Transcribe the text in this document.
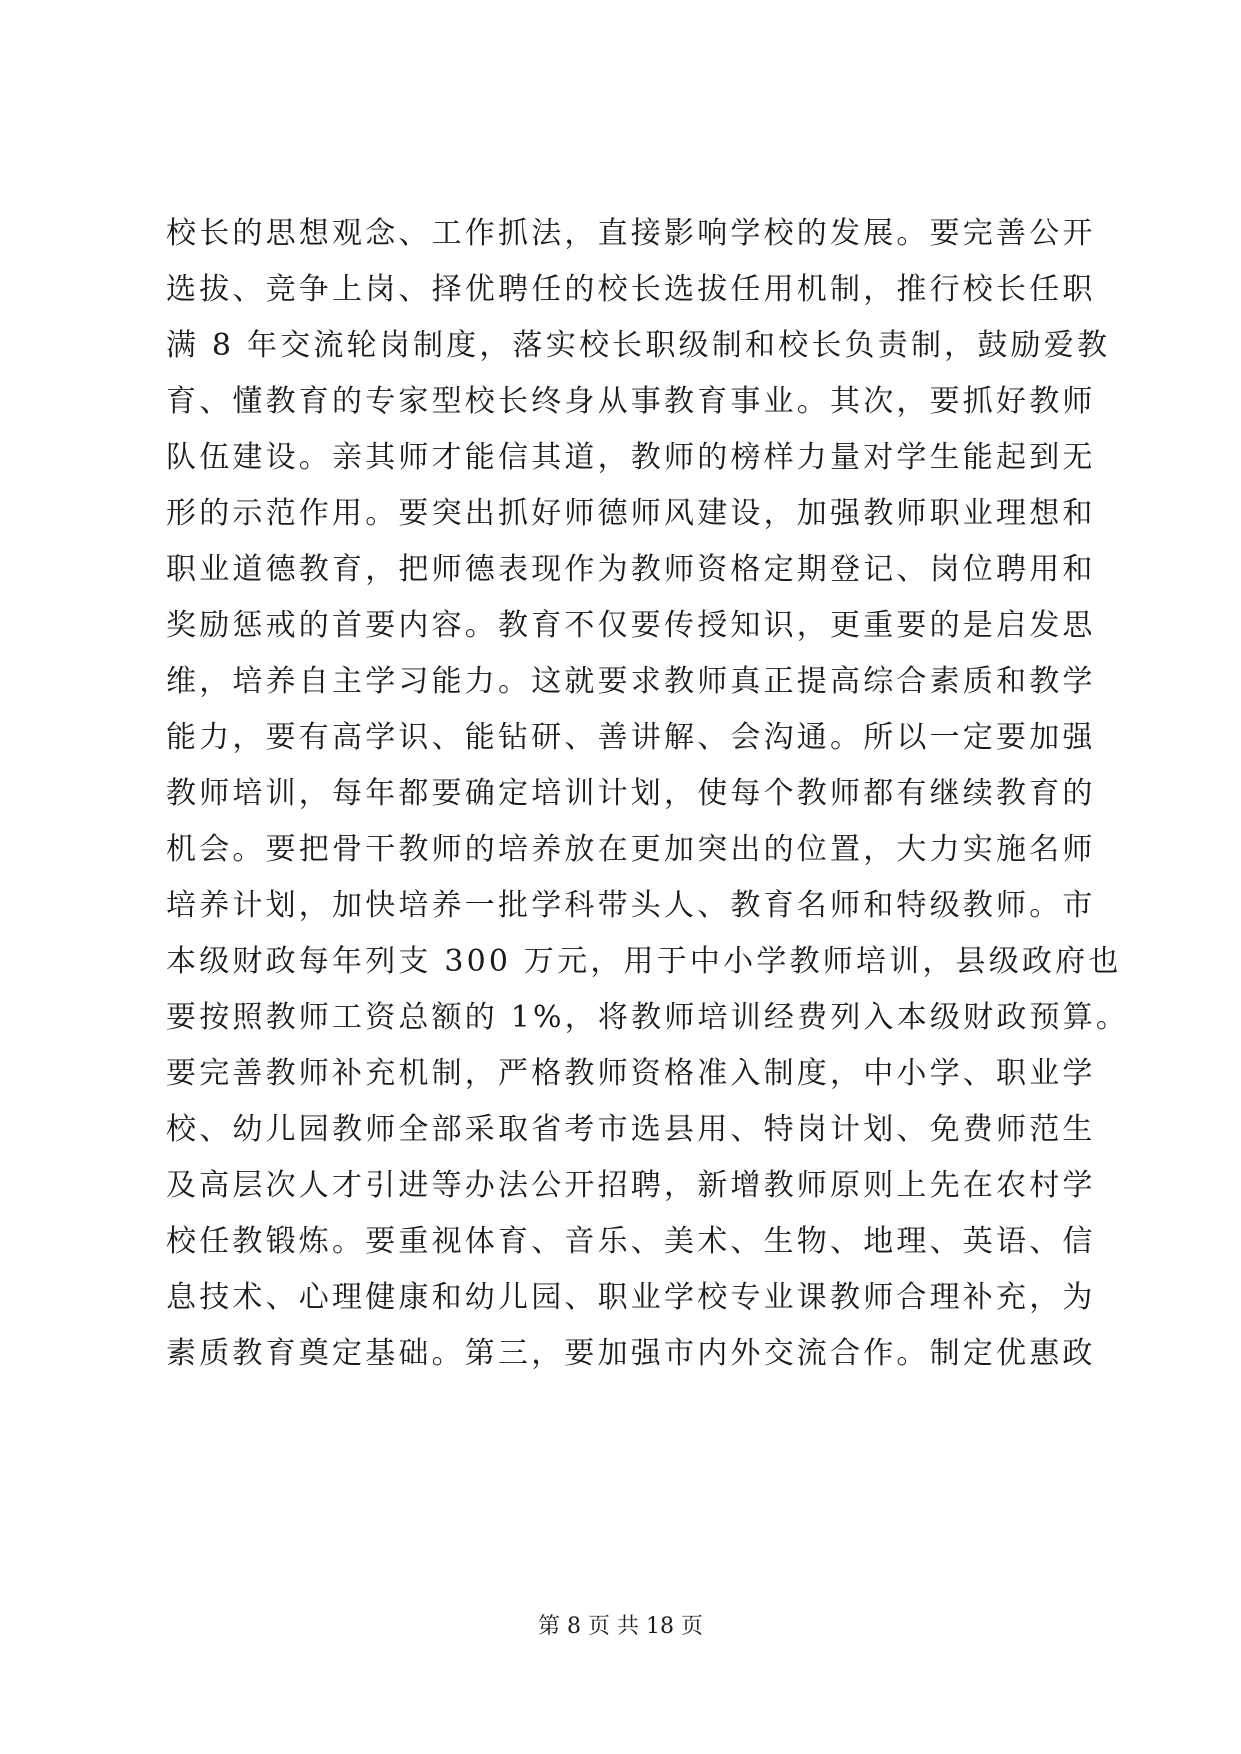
校长的思想观念、工作抓法，直接影响学校的发展。要完善公开
选拔、竞争上岗、择优聘任的校长选拔任用机制，推行校长任职
满 8 年交流轮岗制度，落实校长职级制和校长负责制，鼓励爱教
育、懂教育的专家型校长终身从事教育事业。其次，要抓好教师
队伍建设。亲其师才能信其道，教师的榜样力量对学生能起到无
形的示范作用。要突出抓好师德师风建设，加强教师职业理想和
职业道德教育，把师德表现作为教师资格定期登记、岗位聘用和
奖励惩戒的首要内容。教育不仅要传授知识，更重要的是启发思
维，培养自主学习能力。这就要求教师真正提高综合素质和教学
能力，要有高学识、能钻研、善讲解、会沟通。所以一定要加强
教师培训，每年都要确定培训计划，使每个教师都有继续教育的
机会。要把骨干教师的培养放在更加突出的位置，大力实施名师
培养计划，加快培养一批学科带头人、教育名师和特级教师。市
本级财政每年列支 300 万元，用于中小学教师培训，县级政府也
要按照教师工资总额的 1%，将教师培训经费列入本级财政预算。
要完善教师补充机制，严格教师资格准入制度，中小学、职业学
校、幼儿园教师全部采取省考市选县用、特岗计划、免费师范生
及高层次人才引进等办法公开招聘，新增教师原则上先在农村学
校任教锻炼。要重视体育、音乐、美术、生物、地理、英语、信
息技术、心理健康和幼儿园、职业学校专业课教师合理补充，为
素质教育奠定基础。第三，要加强市内外交流合作。制定优惠政
第 8 页 共 18 页
